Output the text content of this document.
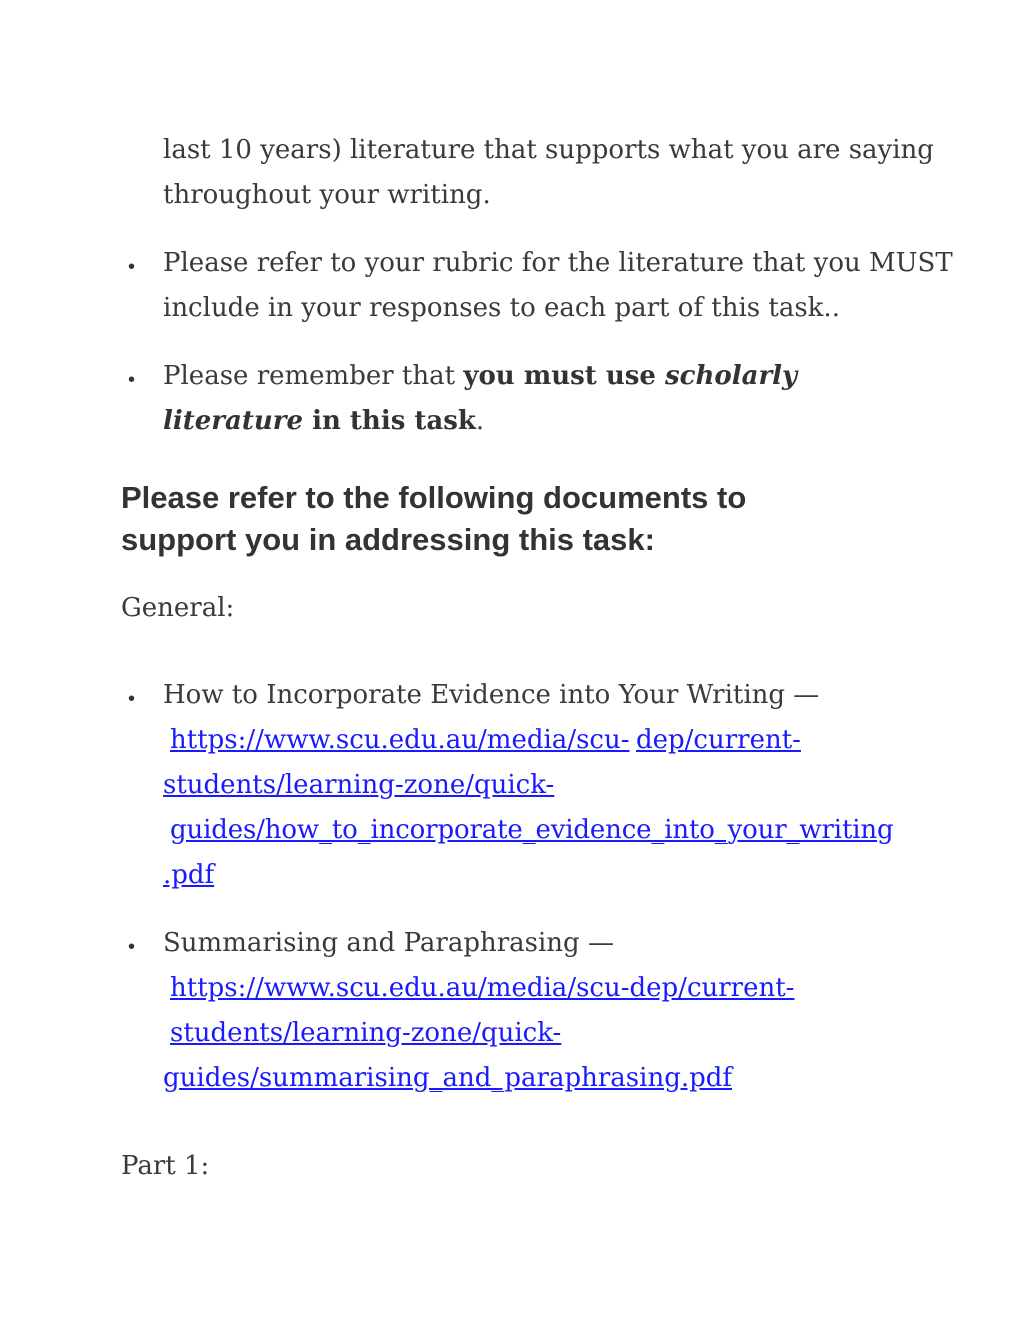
last 10 years) literature that supports what you are saying
throughout your writing.
• Please refer to your rubric for the literature that you MUST
include in your responses to each part of this task..
• Please remember that you must use scholarly
literature in this task.
Please refer to the following documents to
support you in addressing this task:
General:
• How to Incorporate Evidence into Your Writing —
https://www.scu.edu.au/media/scu- dep/current-
students/learning-zone/quick-
guides/how_to_incorporate_evidence_into_your_writing
.pdf
• Summarising and Paraphrasing —
https://www.scu.edu.au/media/scu-dep/current-
students/learning-zone/quick-
guides/summarising_and_paraphrasing.pdf
Part 1:
